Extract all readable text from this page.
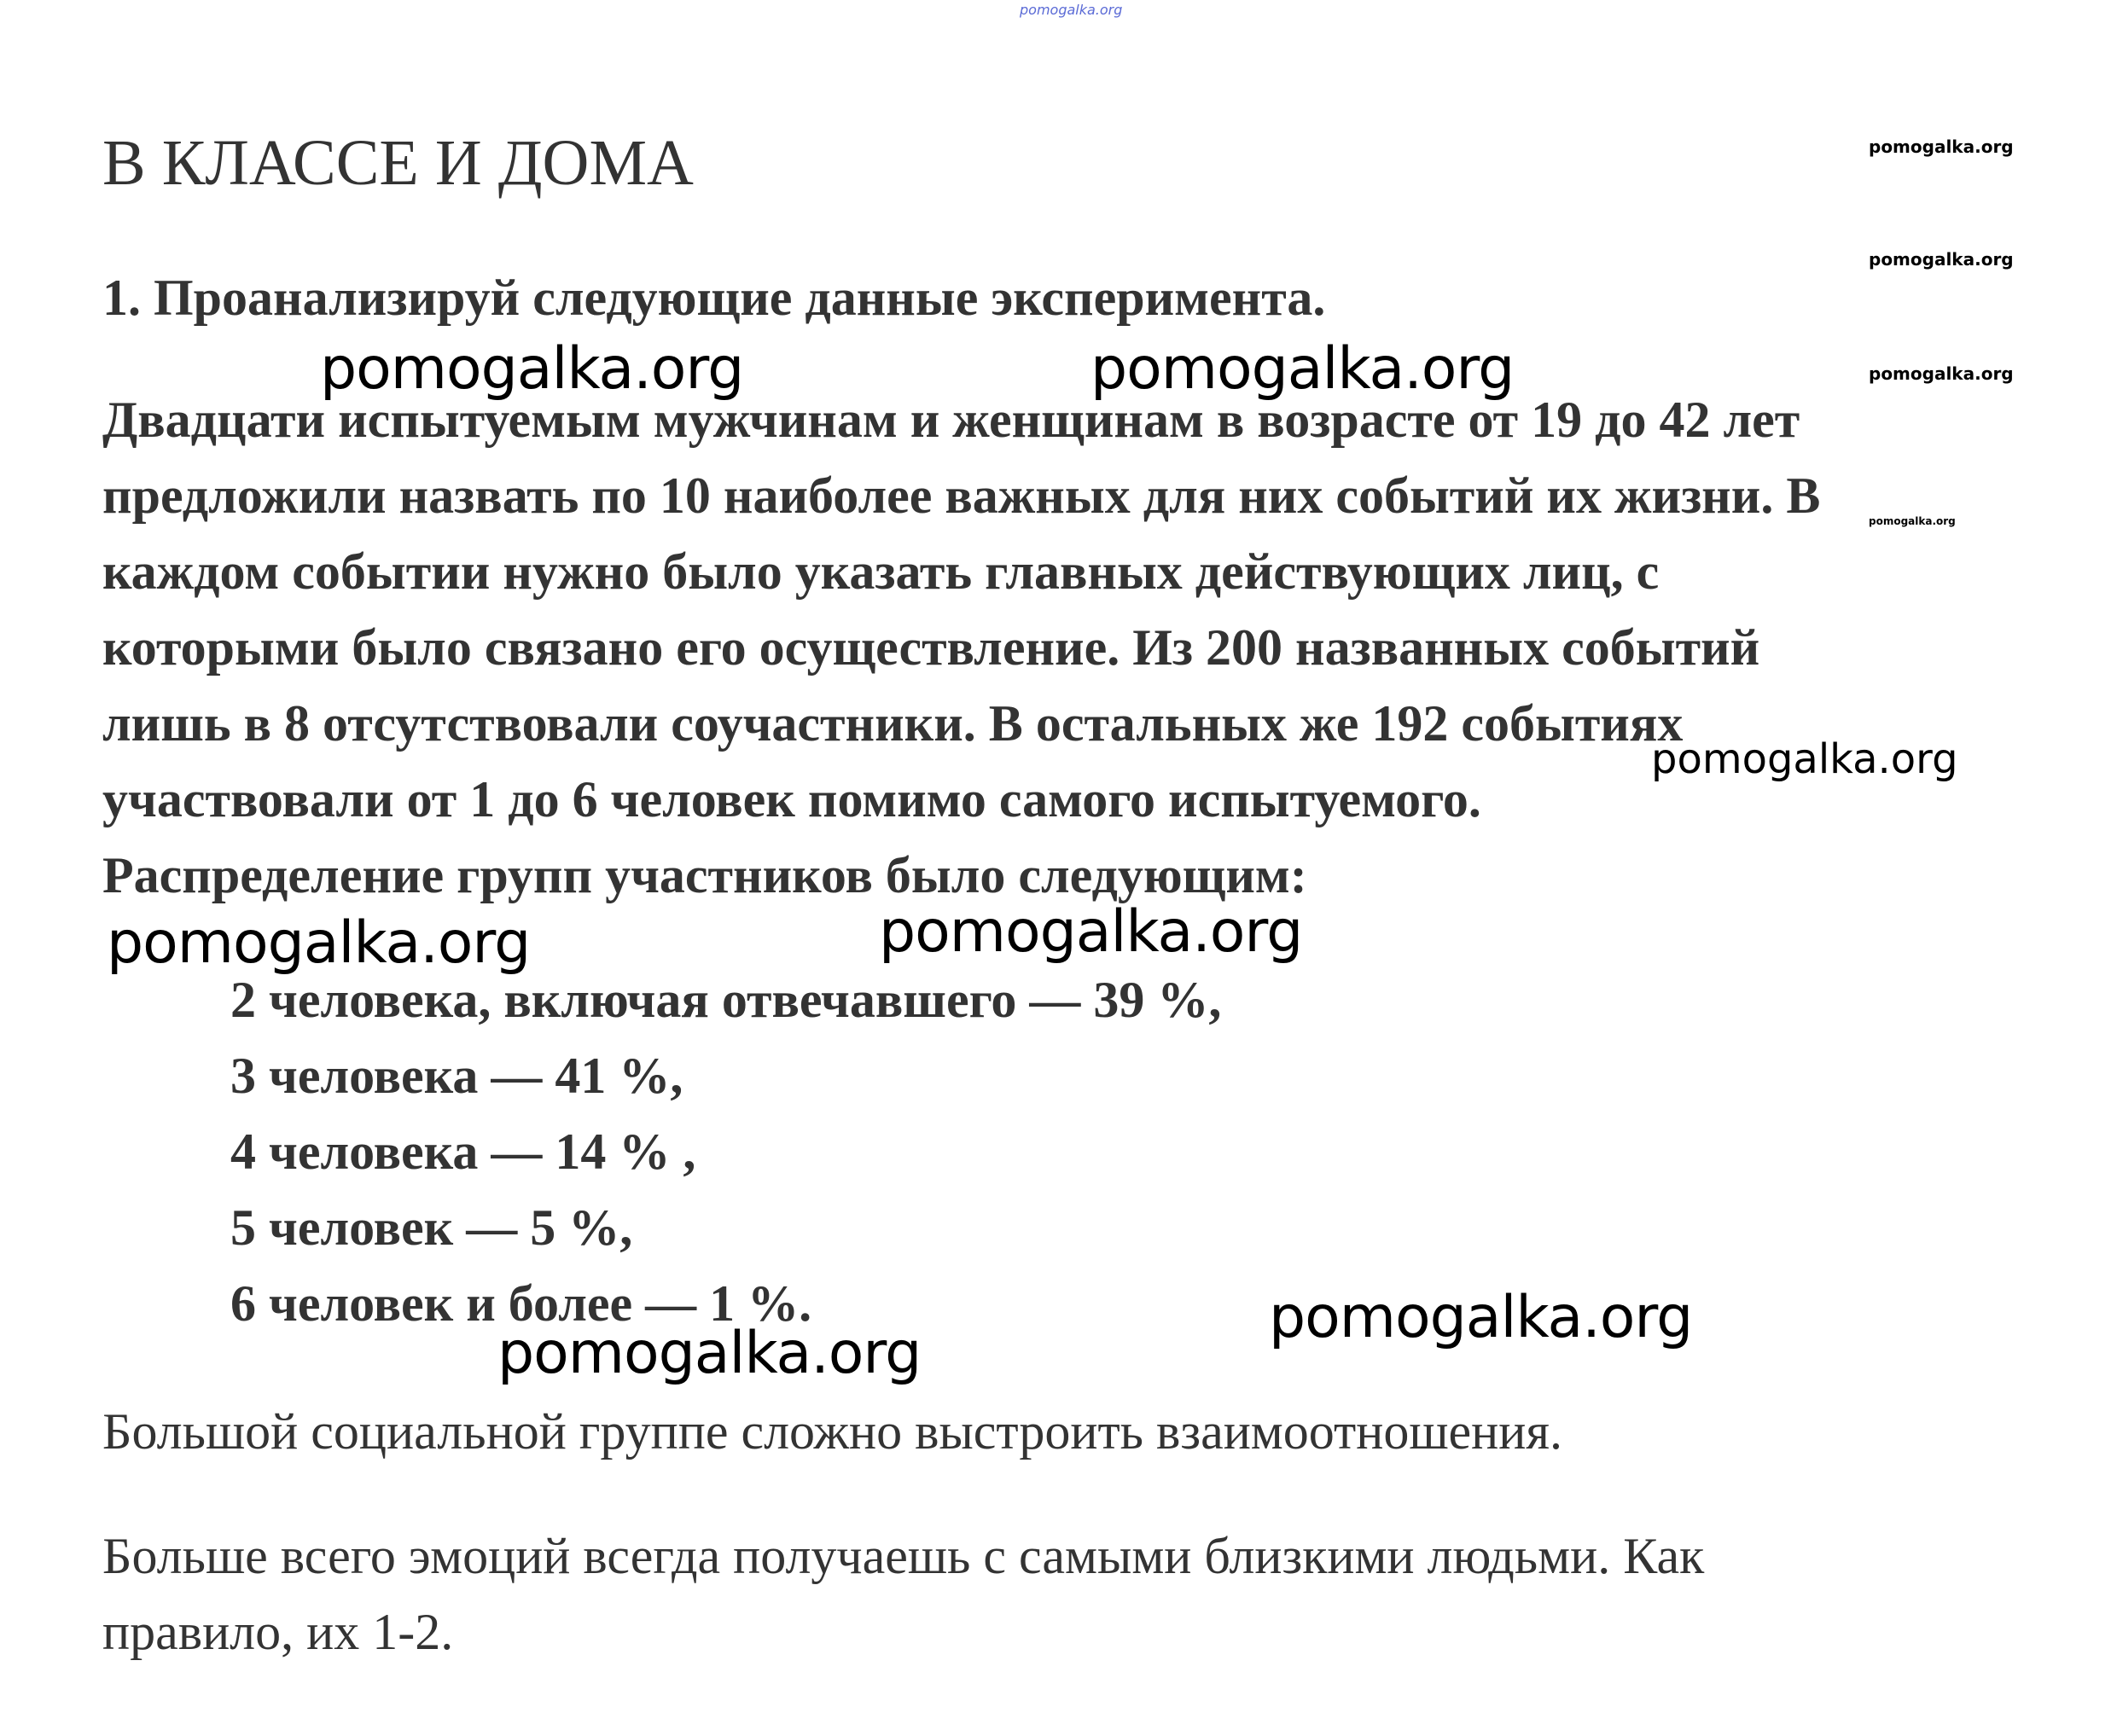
pomogalka.org
pomogalka.org
pomogalka.org
pomogalka.org
pomogalka.org
В КЛАССЕ И ДОМА
1. Проанализируй следующие данные эксперимента.
Двадцати испытуемым мужчинам и женщинам в возрасте от 19 до 42 лет
предложили назвать по 10 наиболее важных для них событий их жизни. В
каждом событии нужно было указать главных действующих лиц, с
которыми было связано его осуществление. Из 200 названных событий
лишь в 8 отсутствовали соучастники. В остальных же 192 событиях
участвовали от 1 до 6 человек помимо самого испытуемого.
Распределение групп участников было следующим:
2 человека, включая отвечавшего — 39 %,
3 человека — 41 %,
4 человека — 14 % ,
5 человек — 5 %,
6 человек и более — 1 %.
Большой социальной группе сложно выстроить взаимоотношения.
Больше всего эмоций всегда получаешь с самыми близкими людьми. Как
правило, их 1-2.
pomogalka.org	pomogalka.org
pomogalka.org
pomogalka.org	pomogalka.org
pomogalka.org
pomogalka.org
